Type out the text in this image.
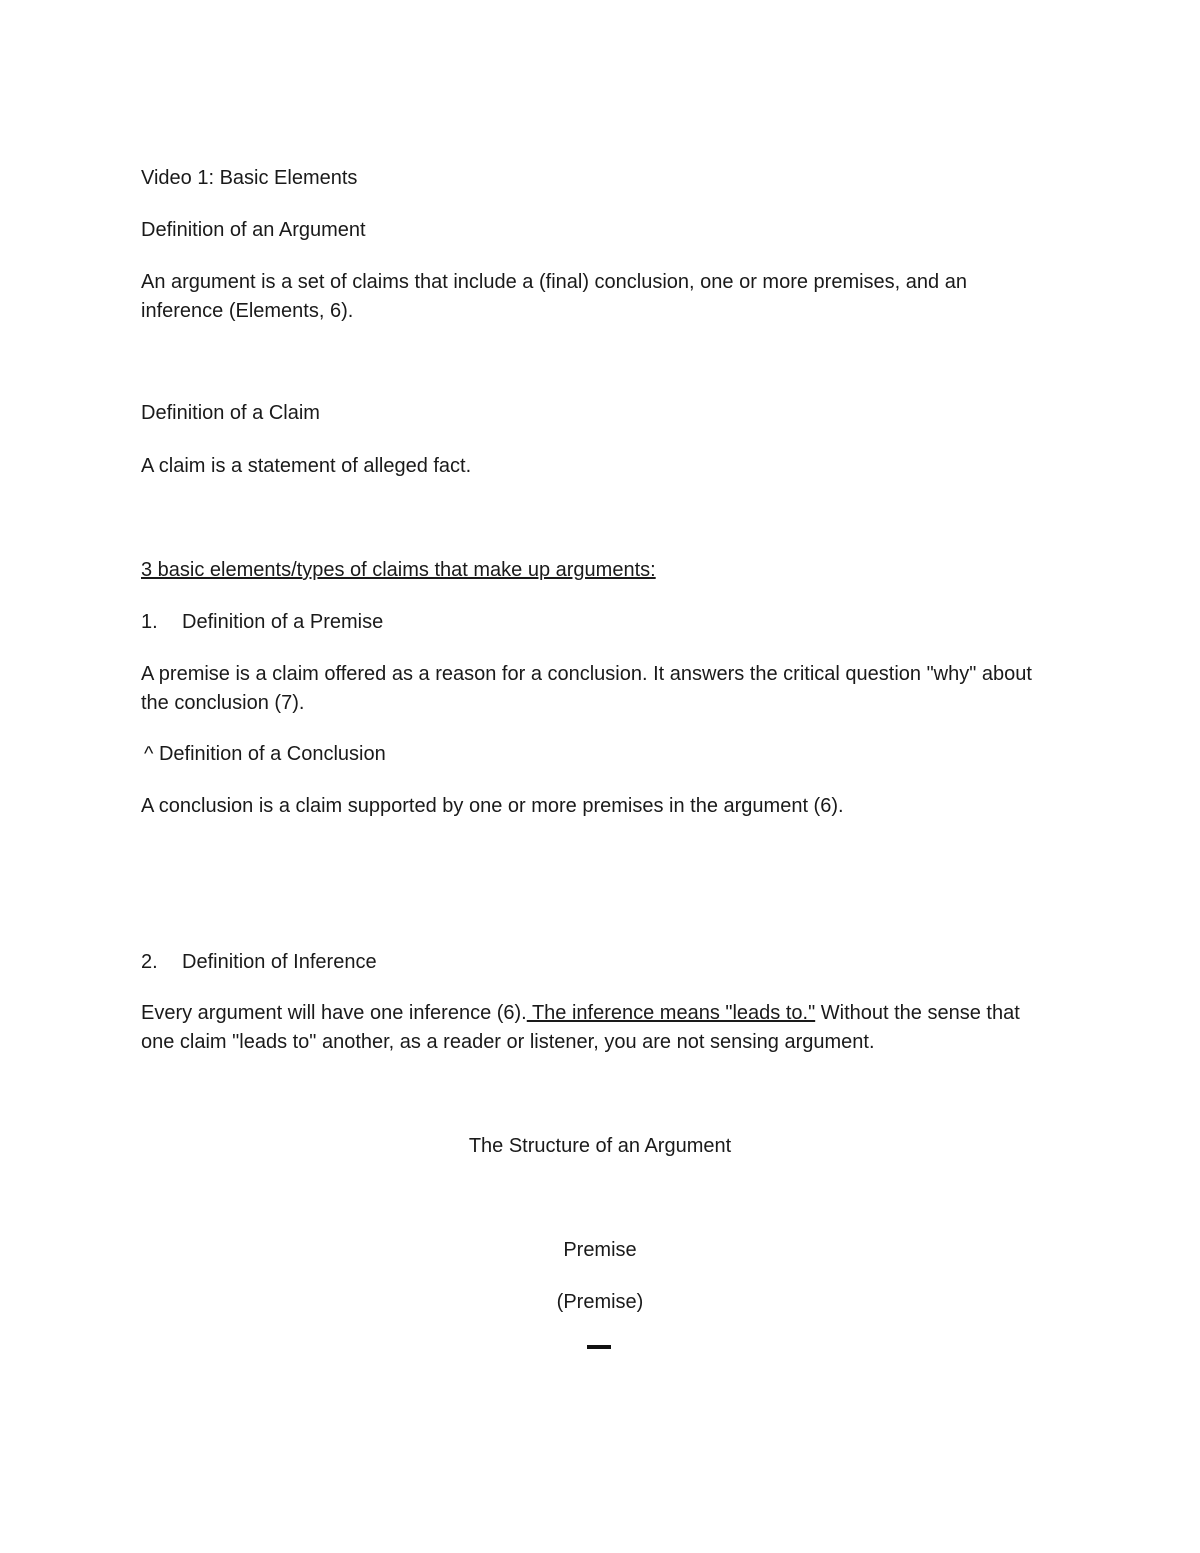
Video 1: Basic Elements
Definition of an Argument
An argument is a set of claims that include a (final) conclusion, one or more premises, and an inference (Elements, 6).
Definition of a Claim
A claim is a statement of alleged fact.
3 basic elements/types of claims that make up arguments:
1. Definition of a Premise
A premise is a claim offered as a reason for a conclusion. It answers the critical question "why" about the conclusion (7).
^ Definition of a Conclusion
A conclusion is a claim supported by one or more premises in the argument (6).
2. Definition of Inference
Every argument will have one inference (6). The inference means "leads to." Without the sense that one claim "leads to" another, as a reader or listener, you are not sensing argument.
The Structure of an Argument
Premise
(Premise)
